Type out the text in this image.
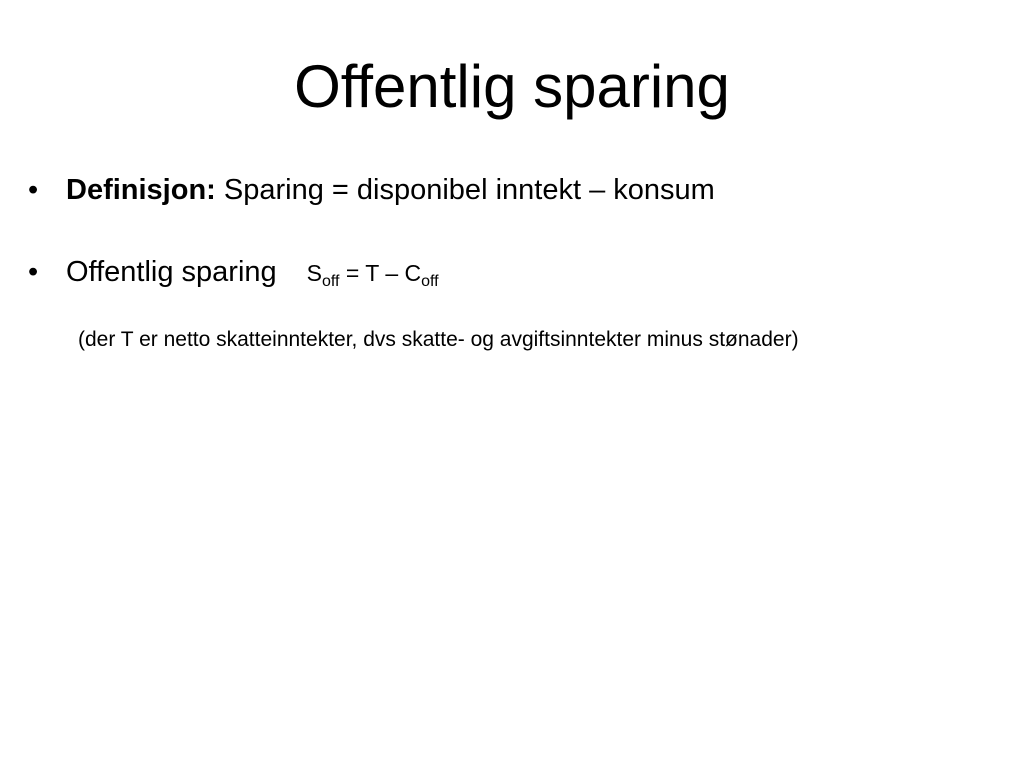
Offentlig sparing
• Definisjon: Sparing = disponibel inntekt – konsum
• Offentlig sparing $S_{off} = T - C_{off}$
(der T er netto skatteinntekter, dvs skatte- og avgiftsinntekter minus stønader)
